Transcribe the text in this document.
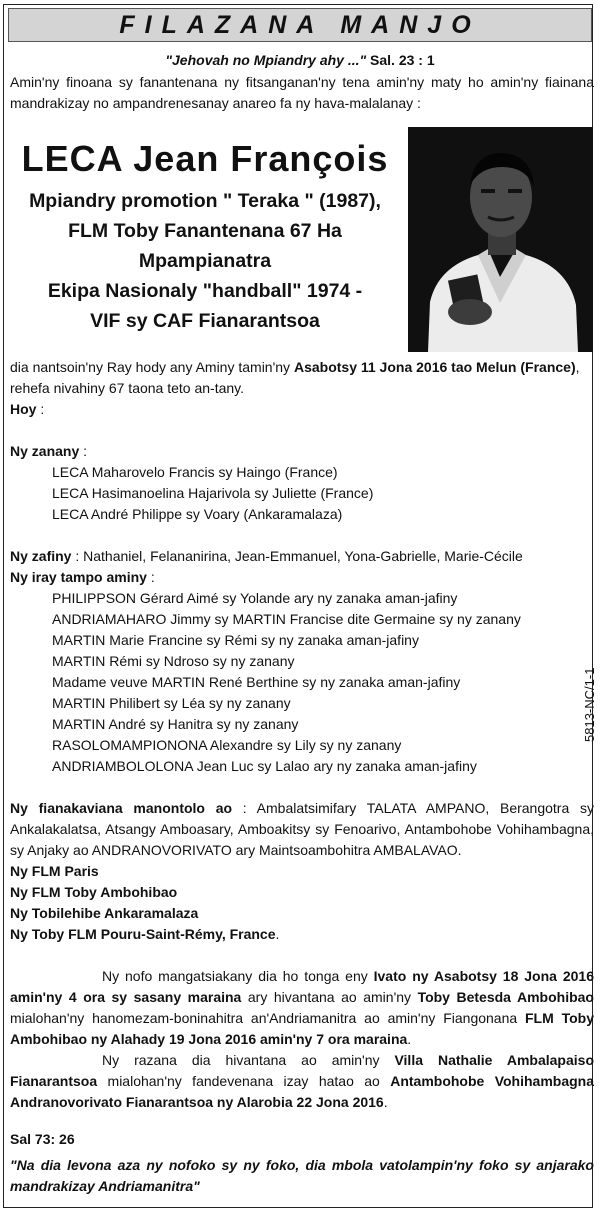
FILAZANA MANJO
"Jehovah no Mpiandry ahy ..." Sal. 23 : 1
Amin'ny finoana sy fanantenana ny fitsanganan'ny tena amin'ny maty ho amin'ny fiainana mandrakizay no ampandrenesanay anareo fa ny hava-malalanay :
LECA Jean François
Mpiandry promotion " Teraka " (1987),
FLM Toby Fanantenana 67 Ha
Mpampianatra
Ekipa Nasionaly "handball" 1974 -
VIF sy CAF Fianarantsoa
dia nantsoin'ny Ray hody any Aminy tamin'ny Asabotsy 11 Jona 2016 tao Melun (France),
rehefa nivahiny 67 taona teto an-tany.
Hoy :
Ny zanany :
LECA Maharovelo Francis sy Haingo (France)
LECA Hasimanoelina Hajarivola sy Juliette (France)
LECA André Philippe sy Voary (Ankaramalaza)
Ny zafiny : Nathaniel, Felananirina, Jean-Emmanuel, Yona-Gabrielle, Marie-Cécile
Ny iray tampo aminy :
PHILIPPSON Gérard Aimé sy Yolande ary ny zanaka aman-jafiny
ANDRIAMAHARO Jimmy sy MARTIN Francise dite Germaine sy ny zanany
MARTIN Marie Francine sy Rémi sy ny zanaka aman-jafiny
MARTIN Rémi sy Ndroso sy ny zanany
Madame veuve MARTIN René Berthine sy ny zanaka aman-jafiny
MARTIN Philibert sy Léa sy ny zanany
MARTIN André sy Hanitra sy ny zanany
RASOLOMAMPIONONA Alexandre sy Lily sy ny zanany
ANDRIAMBOLOLONA Jean Luc sy Lalao ary ny zanaka aman-jafiny
5813-NC/1-1
Ny fianakaviana manontolo ao : Ambalatsimifary TALATA AMPANO, Berangotra sy Ankalakalatsa, Atsangy Amboasary, Amboakitsy sy Fenoarivo, Antambohobe Vohihambagna, sy Anjaky ao ANDRANOVORIVATO ary Maintsoambohitra AMBALAVAO.
Ny FLM Paris
Ny FLM Toby Ambohibao
Ny Tobilehibe Ankaramalaza
Ny Toby FLM Pouru-Saint-Rémy, France.
Ny nofo mangatsiakany dia ho tonga eny Ivato ny Asabotsy 18 Jona 2016 amin'ny 4 ora sy sasany maraina ary hivantana ao amin'ny Toby Betesda Ambohibao mialohan'ny hanomezam-boninahitra an'Andriamanitra ao amin'ny Fiangonana FLM Toby Ambohibao ny Alahady 19 Jona 2016 amin'ny 7 ora maraina.
Ny razana dia hivantana ao amin'ny Villa Nathalie Ambalapaiso Fianarantsoa mialohan'ny fandevenana izay hatao ao Antambohobe Vohihambagna Andranovorivato Fianarantsoa ny Alarobia 22 Jona 2016.
Sal 73: 26
"Na dia levona aza ny nofoko sy ny foko, dia mbola vatolampin'ny foko sy anjarako mandrakizay Andriamanitra"
